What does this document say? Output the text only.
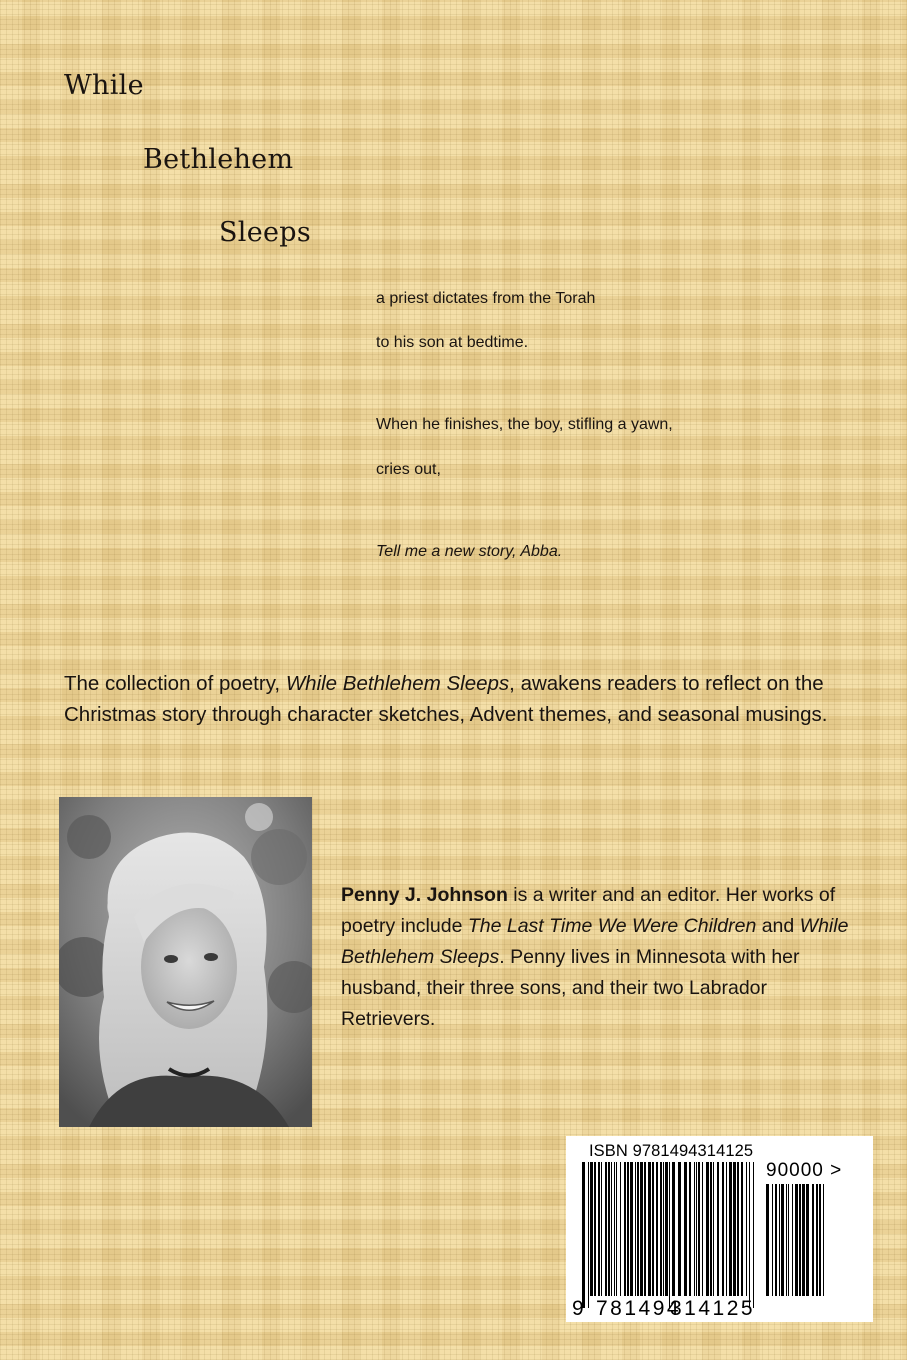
While
Bethlehem
Sleeps
a priest dictates from the Torah
to his son at bedtime.
When he finishes, the boy, stifling a yawn,
cries out,
Tell me a new story, Abba.
The collection of poetry, While Bethlehem Sleeps, awakens readers to reflect on the Christmas story through character sketches, Advent themes, and seasonal musings.
Penny J. Johnson is a writer and an editor. Her works of poetry include The Last Time We Were Children and While Bethlehem Sleeps. Penny lives in Minnesota with her husband, their three sons, and their two Labrador Retrievers.
ISBN 9781494314125
90000 >
9 781494
314125
